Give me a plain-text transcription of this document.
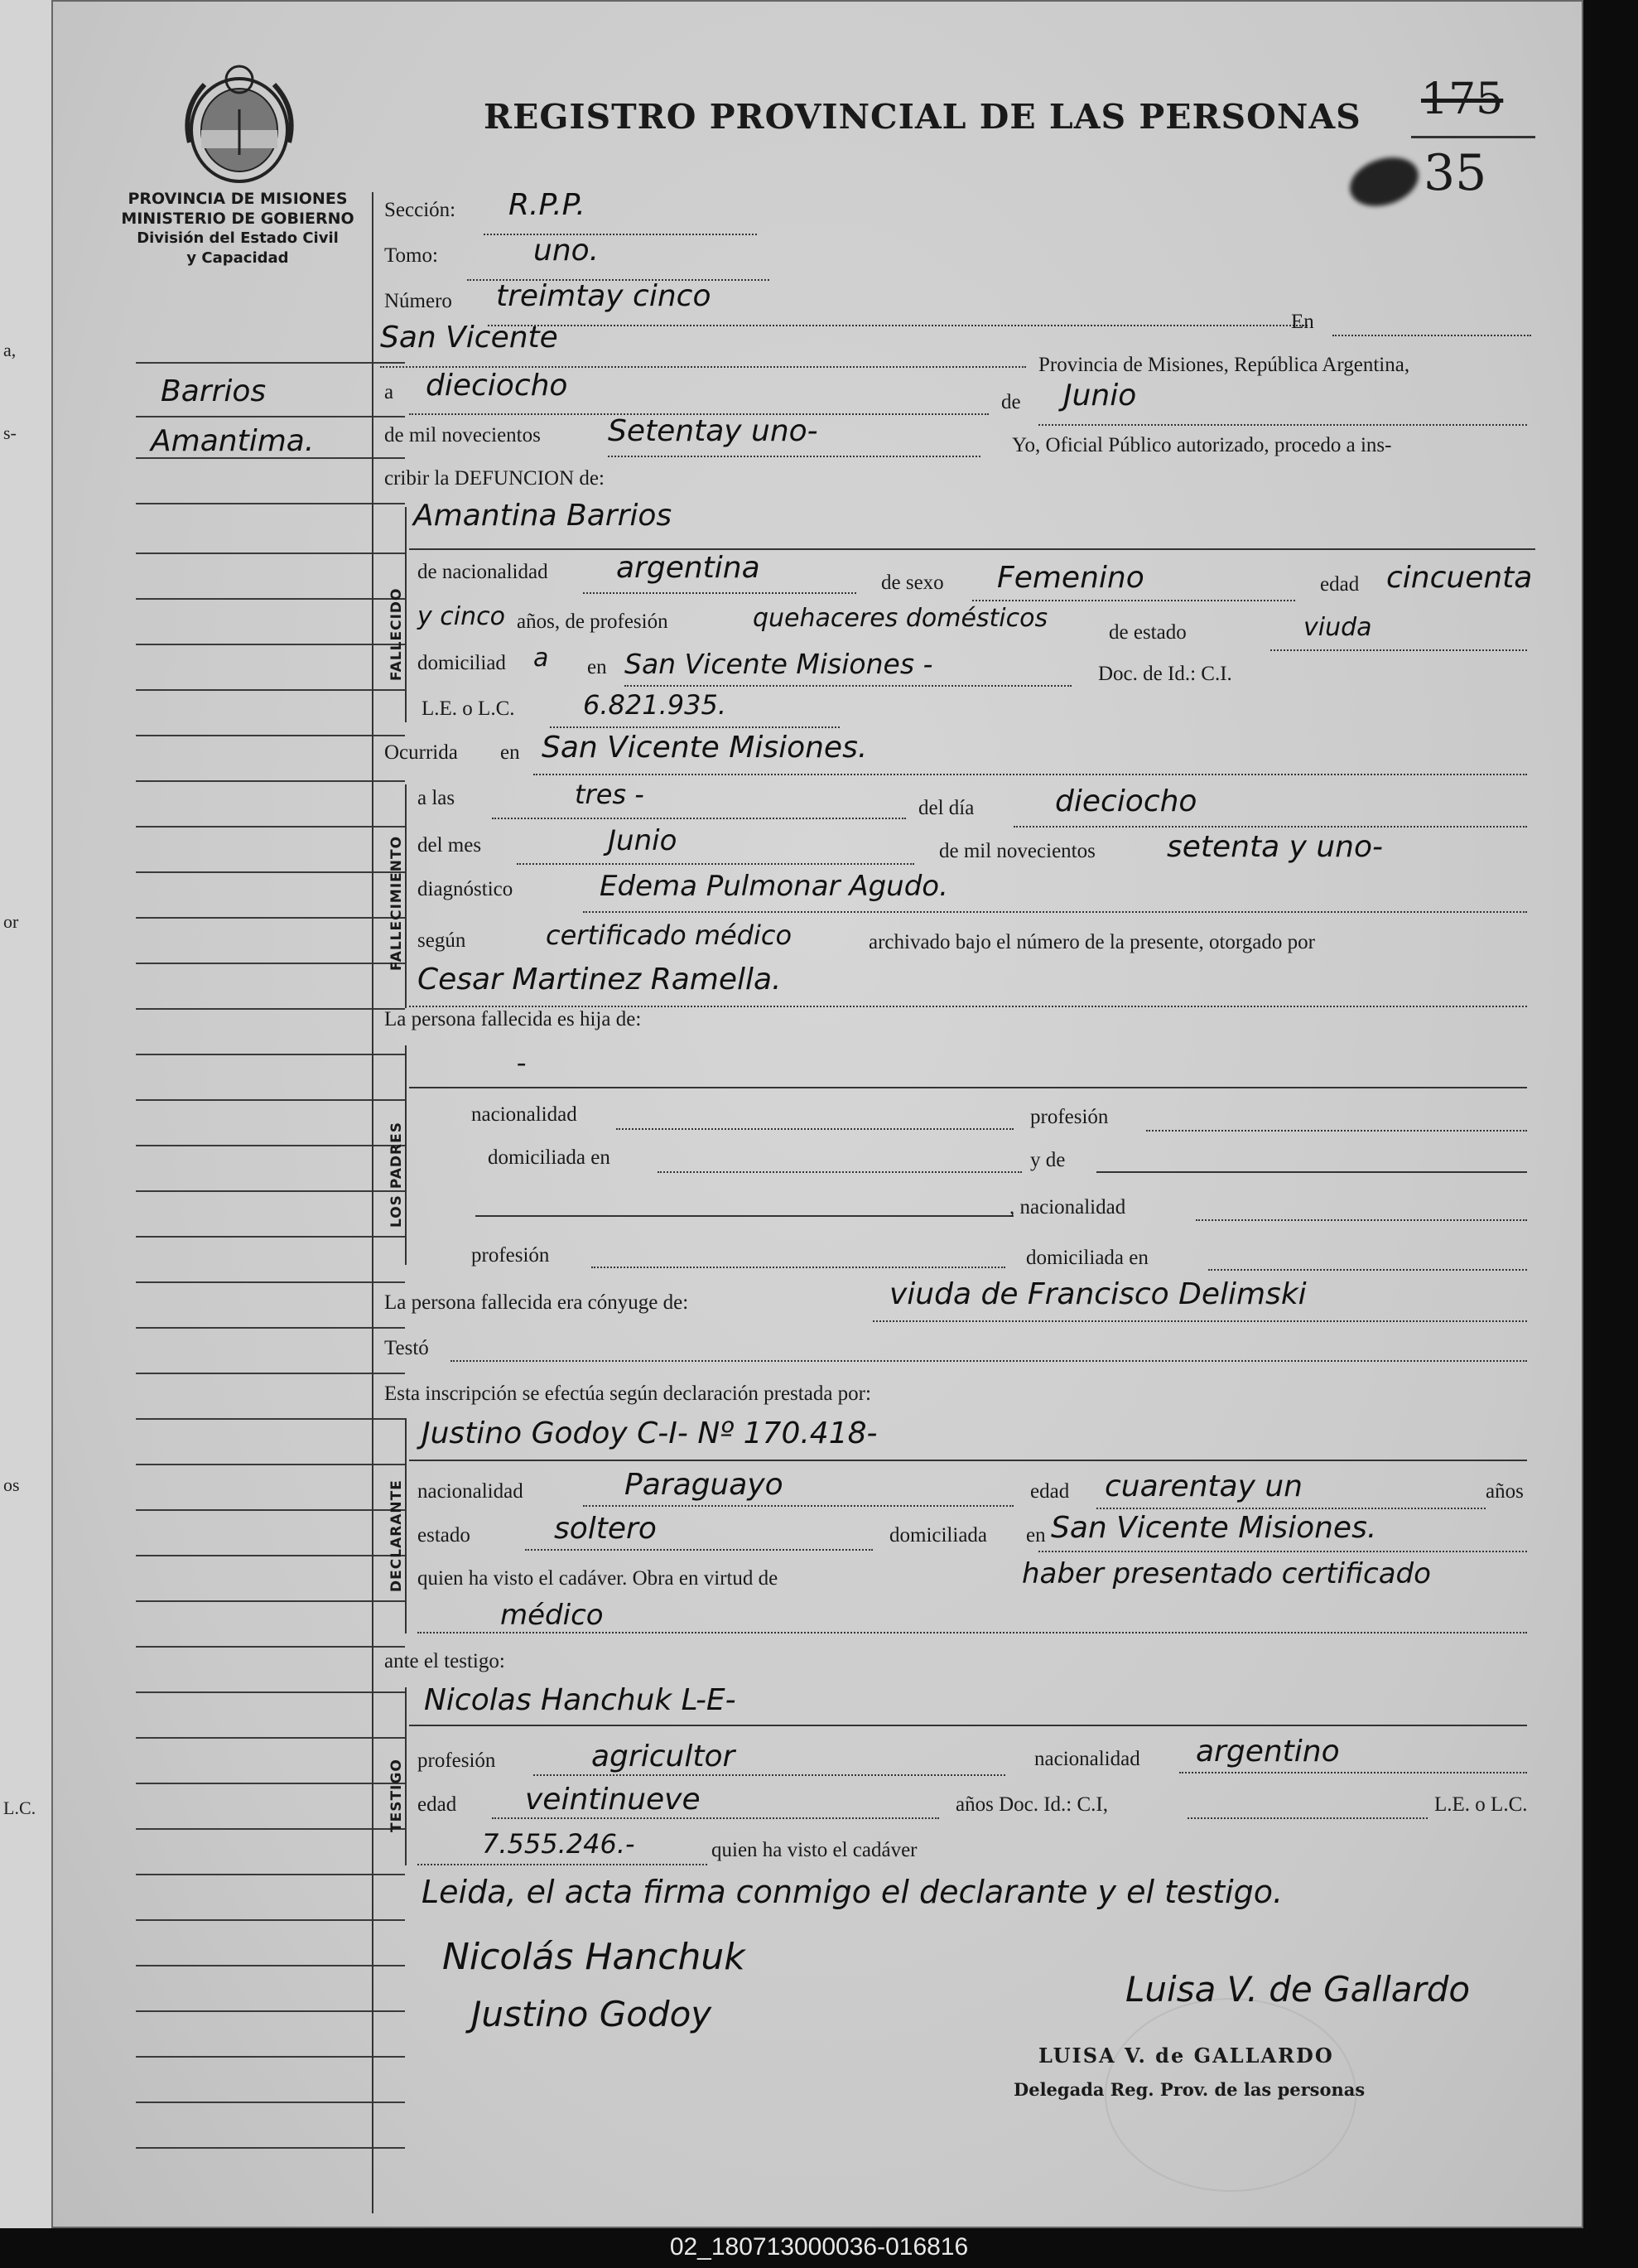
a,
s-
or
os
L.C.
PROVINCIA DE MISIONES
MINISTERIO DE GOBIERNO
División del Estado Civil
y Capacidad
REGISTRO PROVINCIAL DE LAS PERSONAS 175
35
Barrios
Amantima.
Sección: R.P.P.
Tomo:	uno.
Número treimtay cinco
En
San Vicente
Provincia de Misiones, República Argentina,
a dieciocho	de Junio
de mil novecientos Setentay uno-	Yo, Oficial Público autorizado, procedo a ins-
cribir la DEFUNCION de:
FALLECIDO
Amantina Barrios
de nacionalidad argentina	de sexo Femenino	edad cincuenta
y cinco años, de profesión	quehaceres domésticos	de estado	viuda
domiciliad a en San Vicente Misiones -	Doc. de Id.: C.I.
L.E. o L.C.	6.821.935.
Ocurrida en San Vicente Misiones.
FALLECIMIENTO
a las	tres -	del día	dieciocho
del mes	Junio	de mil novecientos setenta y uno-
diagnóstico	Edema Pulmonar Agudo.
según	certificado médico	archivado bajo el número de la presente, otorgado por
Cesar Martinez Ramella.
La persona fallecida es hija de:
LOS PADRES
-
nacionalidad	profesión
domiciliada en	y de
, nacionalidad
profesión	domiciliada en
La persona fallecida era cónyuge de:	viuda de Francisco Delimski
Testó
Esta inscripción se efectúa según declaración prestada por:
DECLARANTE
Justino Godoy C-I- Nº 170.418-
nacionalidad	Paraguayo	edad cuarentay un	años
estado	soltero	domiciliada en San Vicente Misiones.
quien ha visto el cadáver. Obra en virtud de	haber presentado certificado
médico
ante el testigo:
TESTIGO
Nicolas Hanchuk L-E-
profesión	agricultor	nacionalidad argentino
edad veintinueve	años Doc. Id.: C.I,	L.E. o L.C.
7.555.246.-	quien ha visto el cadáver
Leida, el acta firma conmigo el declarante y el testigo.
Nicolás Hanchuk
Justino Godoy
Luisa V. de Gallardo
LUISA V. de GALLARDO
Delegada Reg. Prov. de las personas
02_180713000036-016816
